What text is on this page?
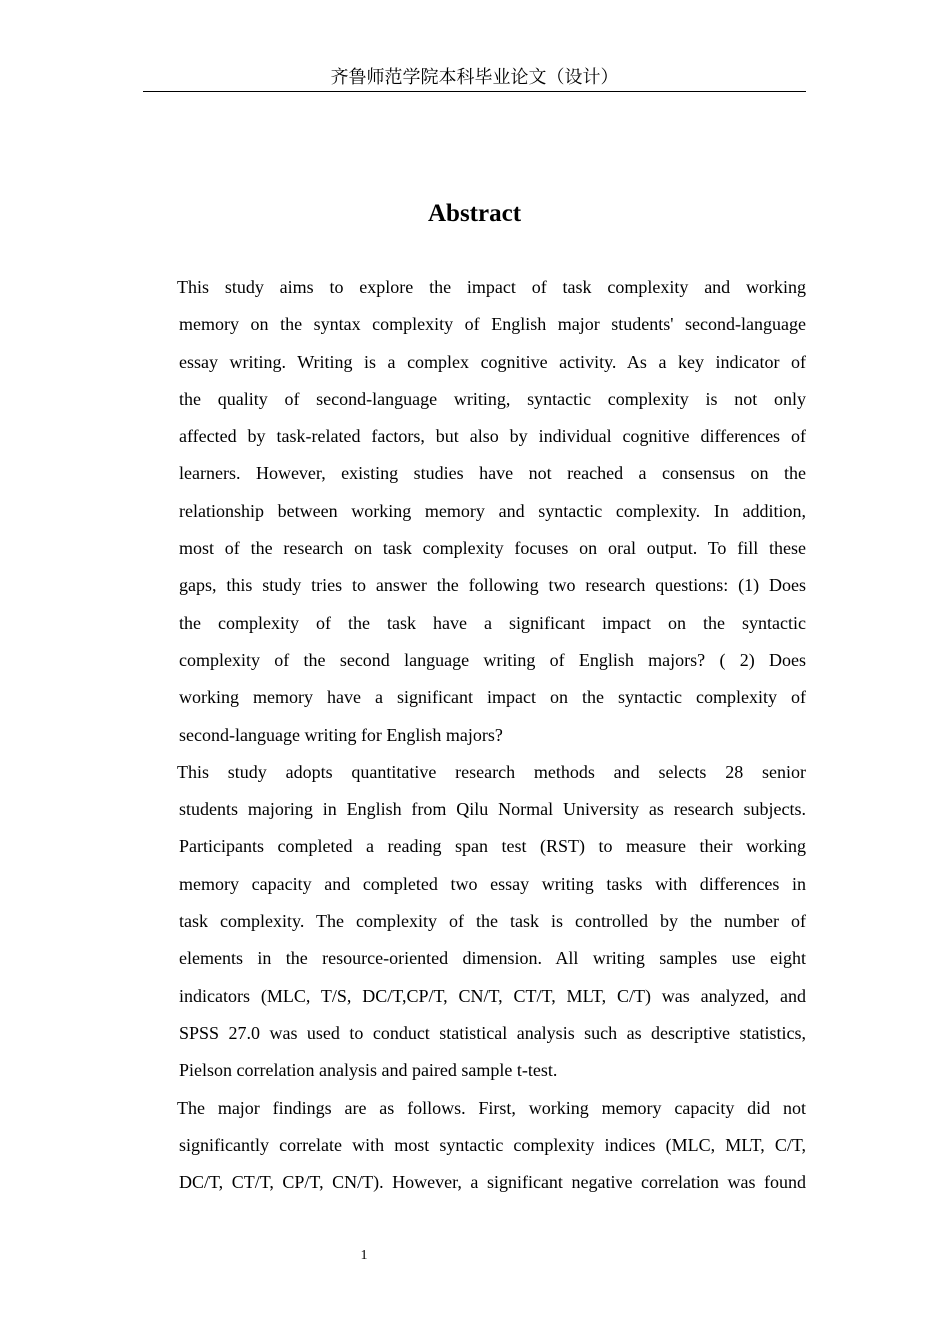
齐鲁师范学院本科毕业论文（设计）
Abstract

This study aims to explore the impact of task complexity and working
memory on the syntax complexity of English major students' second-language
essay writing. Writing is a complex cognitive activity. As a key indicator of
the quality of second-language writing, syntactic complexity is not only
affected by task-related factors, but also by individual cognitive differences of
learners. However, existing studies have not reached a consensus on the
relationship between working memory and syntactic complexity. In addition,
most of the research on task complexity focuses on oral output. To fill these
gaps, this study tries to answer the following two research questions: (1) Does
the complexity of the task have a significant impact on the syntactic
complexity of the second language writing of English majors? ( 2) Does
working memory have a significant impact on the syntactic complexity of
second-language writing for English majors?

This study adopts quantitative research methods and selects 28 senior
students majoring in English from Qilu Normal University as research subjects.
Participants completed a reading span test (RST) to measure their working
memory capacity and completed two essay writing tasks with differences in
task complexity. The complexity of the task is controlled by the number of
elements in the resource-oriented dimension. All writing samples use eight
indicators (MLC, T/S, DC/T,CP/T, CN/T, CT/T, MLT, C/T) was analyzed, and
SPSS 27.0 was used to conduct statistical analysis such as descriptive statistics,
Pielson correlation analysis and paired sample t-test.

The major findings are as follows. First, working memory capacity did not
significantly correlate with most syntactic complexity indices (MLC, MLT, C/T,
DC/T, CT/T, CP/T, CN/T). However, a significant negative correlation was found

1
